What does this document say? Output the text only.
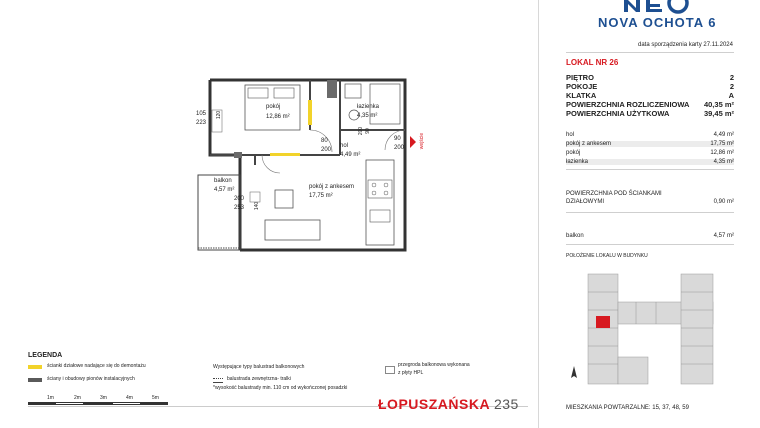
pokój
12,86 m²
łazienka
4,35 m²
hol
4,49 m²
pokój z ankesem
17,75 m²
balkon
4,57 m²
105
223
120
80
200
200 90
90
200
200
253 140
wejście
LEGENDA
ścianki działowe nadające się do demontażu
ściany i obudowy pionów instalacyjnych
Występujące typy balustrad balkonowych
balustrada zewnętrzna- tralki
*wysokość balustrady min. 110 cm od wykończonej posadzki
przegroda balkonowa wykonana
z płyty HPL
1m	2m	3m	4m	5m	ŁOPUSZAŃSKA 235
NOVA OCHOTA 6
data sporządzenia karty 27.11.2024
LOKAL NR 26
PIĘTRO	2
POKOJE	2
KLATKA	A
POWIERZCHNIA ROZLICZENIOWA 40,35 m²
POWIERZCHNIA UŻYTKOWA	39,45 m²
hol	4,49 m²
pokój z ankesem	17,75 m²
pokój	12,86 m²
łazienka	4,35 m²
POWIERZCHNIA POD ŚCIANKAMI
DZIAŁOWYMI	0,90 m²
balkon	4,57 m²
POŁOŻENIE LOKALU W BUDYNKU
MIESZKANIA POWTARZALNE: 15, 37, 48, 59
